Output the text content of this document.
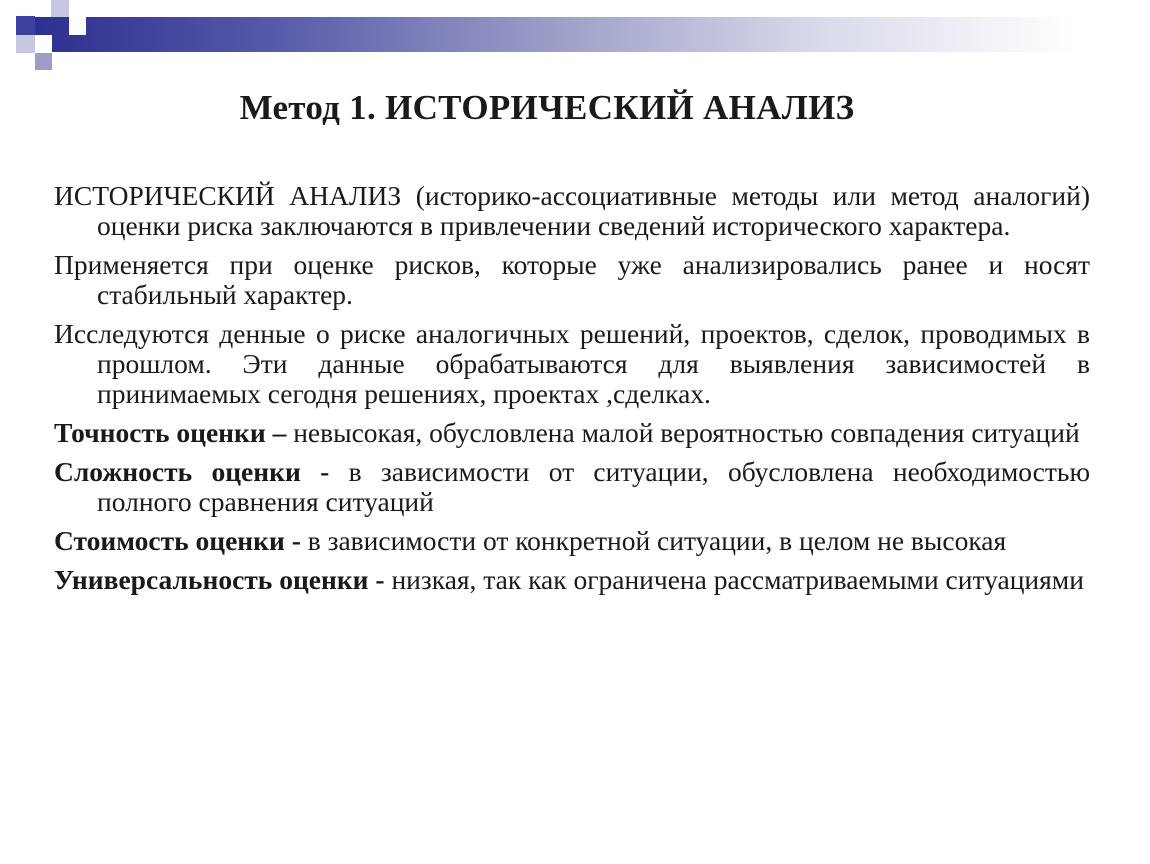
Метод 1. ИСТОРИЧЕСКИЙ АНАЛИЗ
ИСТОРИЧЕСКИЙ АНАЛИЗ (историко-ассоциативные методы или метод аналогий) оценки риска заключаются в привлечении сведений исторического характера.
Применяется при оценке рисков, которые уже анализировались ранее и носят стабильный характер.
Исследуются денные о риске аналогичных решений, проектов, сделок, проводимых в прошлом. Эти данные обрабатываются для выявления зависимостей в принимаемых сегодня решениях, проектах ,сделках.
Точность оценки – невысокая, обусловлена малой вероятностью совпадения ситуаций
Сложность оценки - в зависимости от ситуации, обусловлена необходимостью полного сравнения ситуаций
Стоимость оценки - в зависимости от конкретной ситуации, в целом не высокая
Универсальность оценки - низкая, так как ограничена рассматриваемыми ситуациями
